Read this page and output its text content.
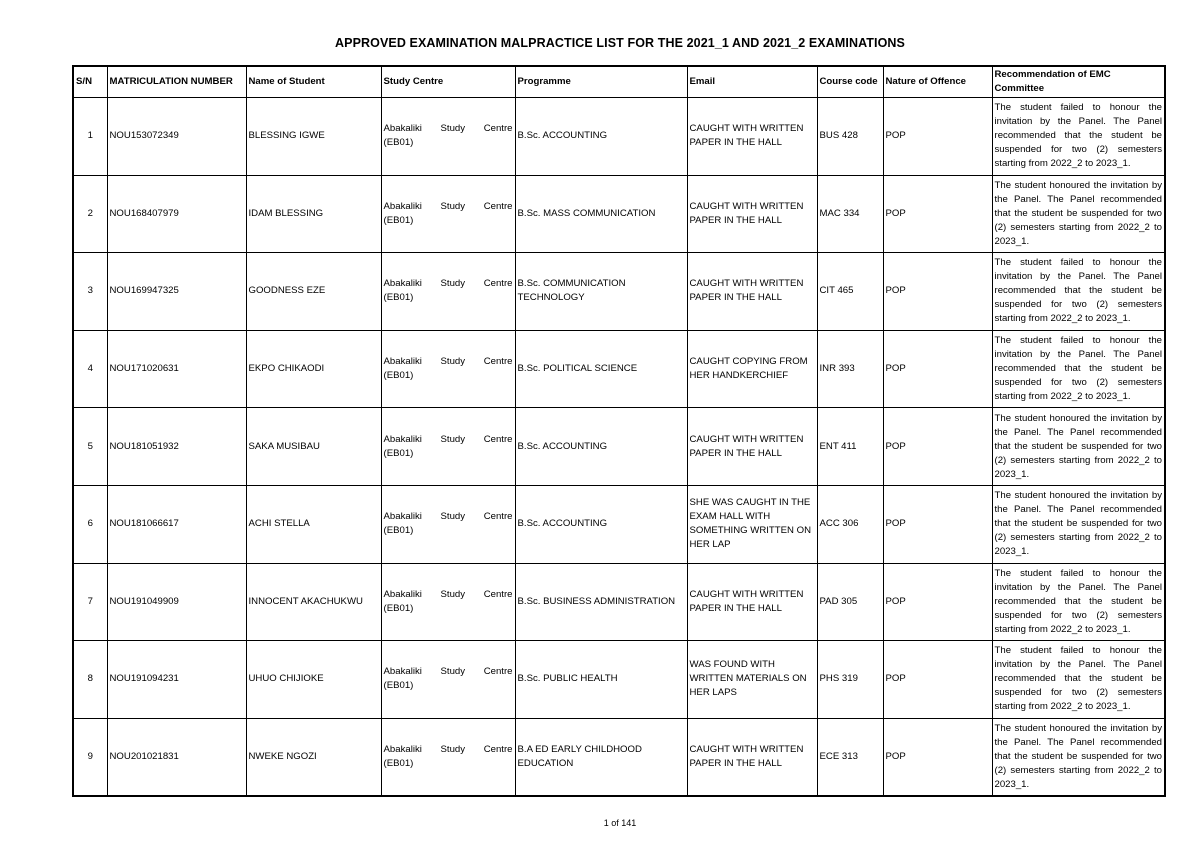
APPROVED EXAMINATION MALPRACTICE LIST FOR THE 2021_1 AND 2021_2 EXAMINATIONS
S/N	MATRICULATION NUMBER	Name of Student	Study Centre	Programme	Email	Course code	Nature of Offence	Recommendation of EMC Committee
1	NOU153072349	BLESSING IGWE	Abakaliki Study Centre (EB01)	B.Sc. ACCOUNTING	CAUGHT WITH WRITTEN PAPER IN THE HALL	BUS 428	POP	The student failed to honour the invitation by the Panel. The Panel recommended that the student be suspended for two (2) semesters starting from 2022_2 to 2023_1.
2	NOU168407979	IDAM BLESSING	Abakaliki Study Centre (EB01)	B.Sc. MASS COMMUNICATION	CAUGHT WITH WRITTEN PAPER IN THE HALL	MAC 334	POP	The student honoured the invitation by the Panel. The Panel recommended that the student be suspended for two (2) semesters starting from 2022_2 to 2023_1.
3	NOU169947325	GOODNESS EZE	Abakaliki Study Centre (EB01)	B.Sc. COMMUNICATION TECHNOLOGY	CAUGHT WITH WRITTEN PAPER IN THE HALL	CIT 465	POP	The student failed to honour the invitation by the Panel. The Panel recommended that the student be suspended for two (2) semesters starting from 2022_2 to 2023_1.
4	NOU171020631	EKPO CHIKAODI	Abakaliki Study Centre (EB01)	B.Sc. POLITICAL SCIENCE	CAUGHT COPYING FROM HER HANDKERCHIEF	INR 393	POP	The student failed to honour the invitation by the Panel. The Panel recommended that the student be suspended for two (2) semesters starting from 2022_2 to 2023_1.
5	NOU181051932	SAKA MUSIBAU	Abakaliki Study Centre (EB01)	B.Sc. ACCOUNTING	CAUGHT WITH WRITTEN PAPER IN THE HALL	ENT 411	POP	The student honoured the invitation by the Panel. The Panel recommended that the student be suspended for two (2) semesters starting from 2022_2 to 2023_1.
6	NOU181066617	ACHI STELLA	Abakaliki Study Centre (EB01)	B.Sc. ACCOUNTING	SHE WAS CAUGHT IN THE EXAM HALL WITH SOMETHING WRITTEN ON HER LAP	ACC 306	POP	The student honoured the invitation by the Panel. The Panel recommended that the student be suspended for two (2) semesters starting from 2022_2 to 2023_1.
7	NOU191049909	INNOCENT AKACHUKWU	Abakaliki Study Centre (EB01)	B.Sc. BUSINESS ADMINISTRATION	CAUGHT WITH WRITTEN PAPER IN THE HALL	PAD 305	POP	The student failed to honour the invitation by the Panel. The Panel recommended that the student be suspended for two (2) semesters starting from 2022_2 to 2023_1.
8	NOU191094231	UHUO CHIJIOKE	Abakaliki Study Centre (EB01)	B.Sc. PUBLIC HEALTH	WAS FOUND WITH WRITTEN MATERIALS ON HER LAPS	PHS 319	POP	The student failed to honour the invitation by the Panel. The Panel recommended that the student be suspended for two (2) semesters starting from 2022_2 to 2023_1.
9	NOU201021831	NWEKE NGOZI	Abakaliki Study Centre (EB01)	B.A ED EARLY CHILDHOOD EDUCATION	CAUGHT WITH WRITTEN PAPER IN THE HALL	ECE 313	POP	The student honoured the invitation by the Panel. The Panel recommended that the student be suspended for two (2) semesters starting from 2022_2 to 2023_1.
1 of 141
